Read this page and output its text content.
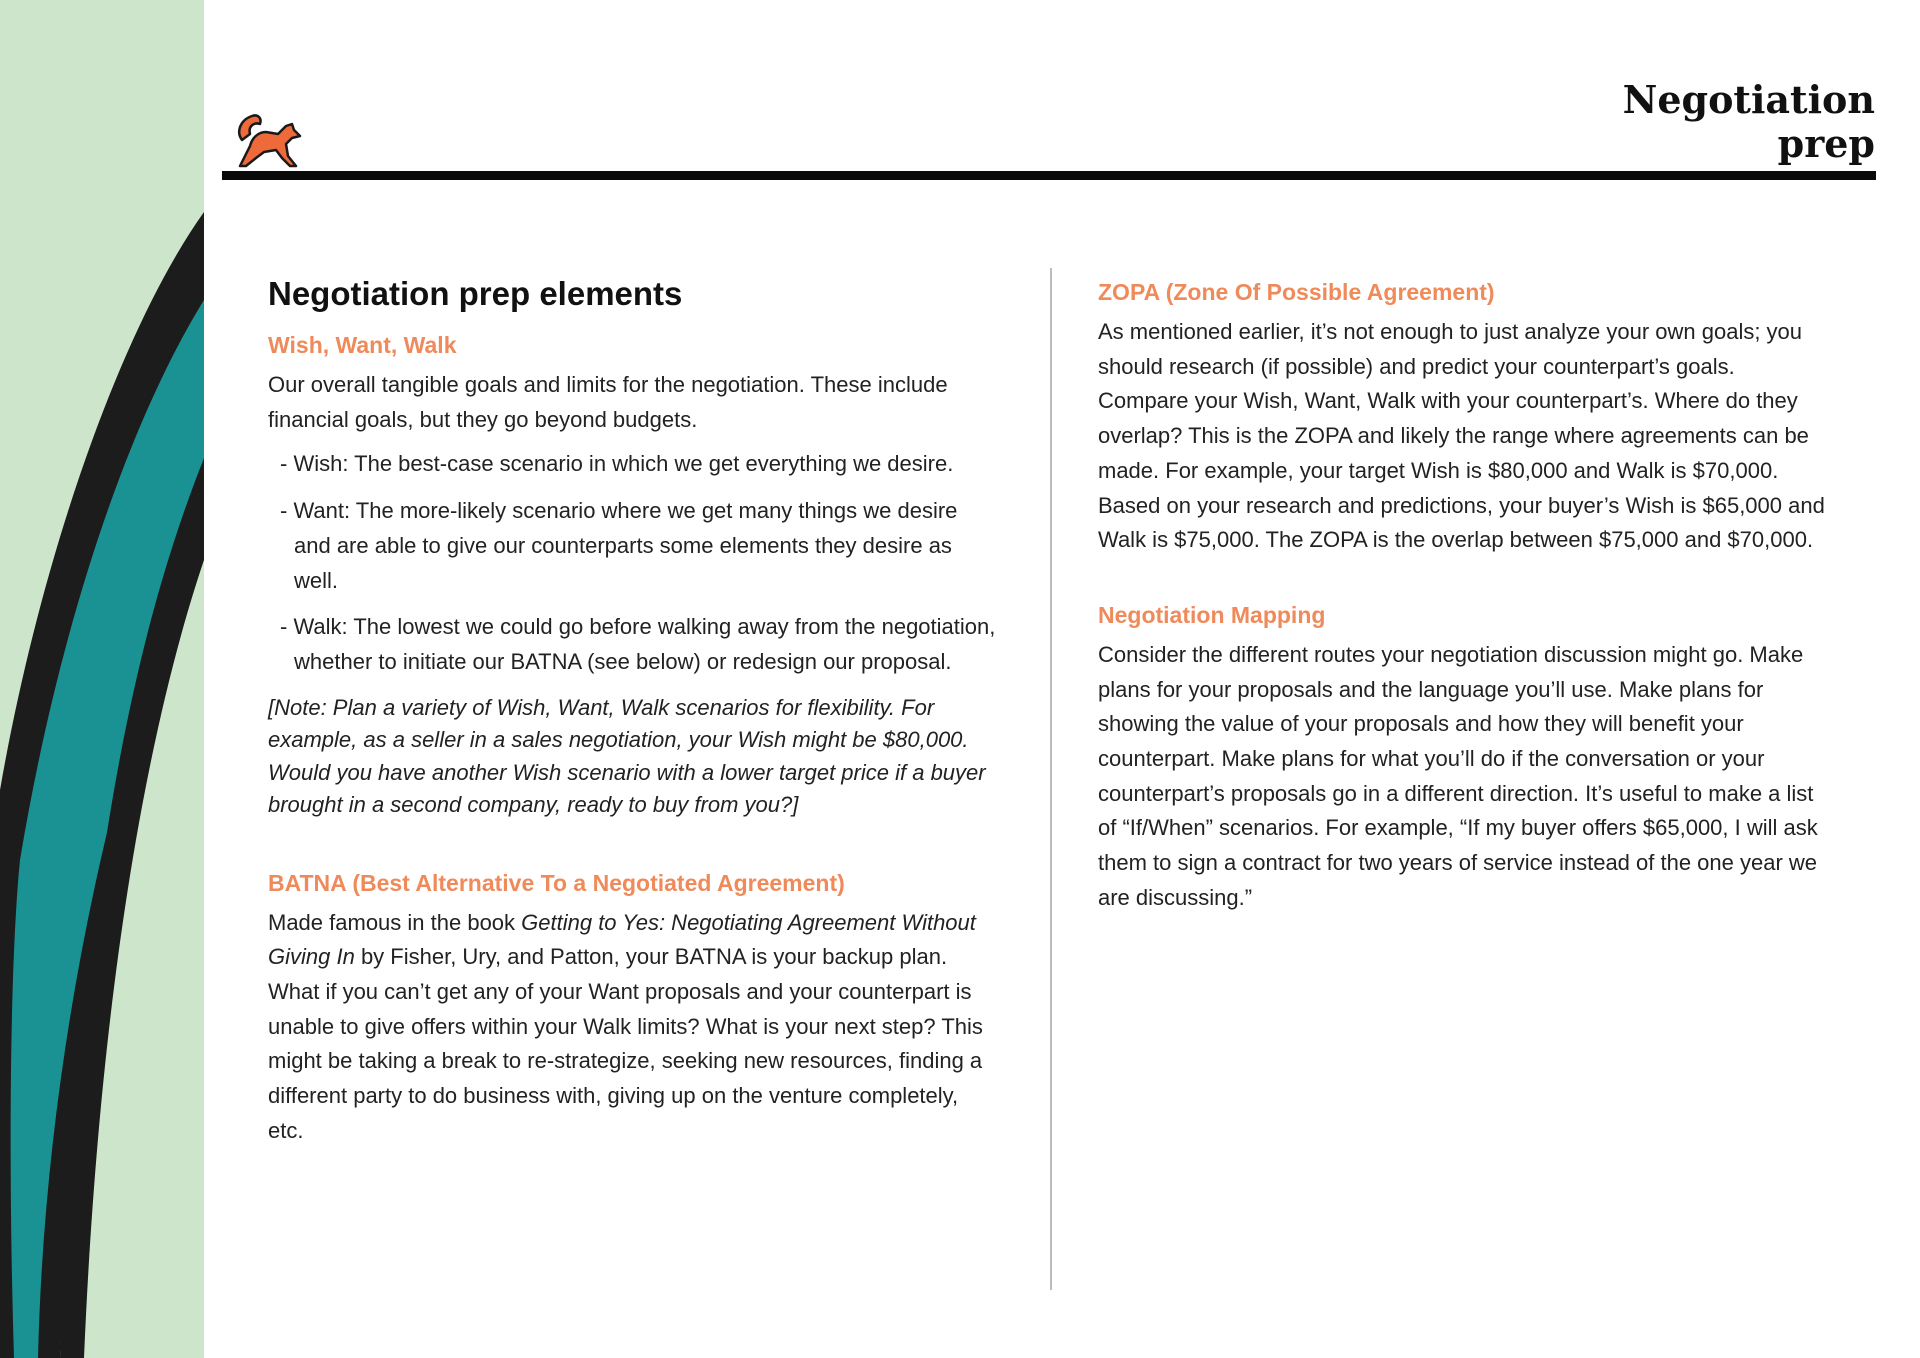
Negotiation
prep
Negotiation prep elements
Wish, Want, Walk

Our overall tangible goals and limits for the negotiation. These include financial goals, but they go beyond budgets.

- Wish: The best-case scenario in which we get everything we desire.
- Want: The more-likely scenario where we get many things we desire and are able to give our counterparts some elements they desire as well.
- Walk: The lowest we could go before walking away from the negotiation, whether to initiate our BATNA (see below) or redesign our proposal.

[Note: Plan a variety of Wish, Want, Walk scenarios for flexibility. For example, as a seller in a sales negotiation, your Wish might be $80,000. Would you have another Wish scenario with a lower target price if a buyer brought in a second company, ready to buy from you?]

BATNA (Best Alternative To a Negotiated Agreement)

Made famous in the book Getting to Yes: Negotiating Agreement Without Giving In by Fisher, Ury, and Patton, your BATNA is your backup plan. What if you can’t get any of your Want proposals and your counterpart is unable to give offers within your Walk limits? What is your next step? This might be taking a break to re-strategize, seeking new resources, finding a different party to do business with, giving up on the venture completely, etc.

ZOPA (Zone Of Possible Agreement)

As mentioned earlier, it’s not enough to just analyze your own goals; you should research (if possible) and predict your counterpart’s goals. Compare your Wish, Want, Walk with your counterpart’s. Where do they overlap? This is the ZOPA and likely the range where agreements can be made. For example, your target Wish is $80,000 and Walk is $70,000. Based on your research and predictions, your buyer’s Wish is $65,000 and Walk is $75,000. The ZOPA is the overlap between $75,000 and $70,000.

Negotiation Mapping

Consider the different routes your negotiation discussion might go. Make plans for your proposals and the language you’ll use. Make plans for showing the value of your proposals and how they will benefit your counterpart. Make plans for what you’ll do if the conversation or your counterpart’s proposals go in a different direction. It’s useful to make a list of “If/When” scenarios. For example, “If my buyer offers $65,000, I will ask them to sign a contract for two years of service instead of the one year we are discussing.”
